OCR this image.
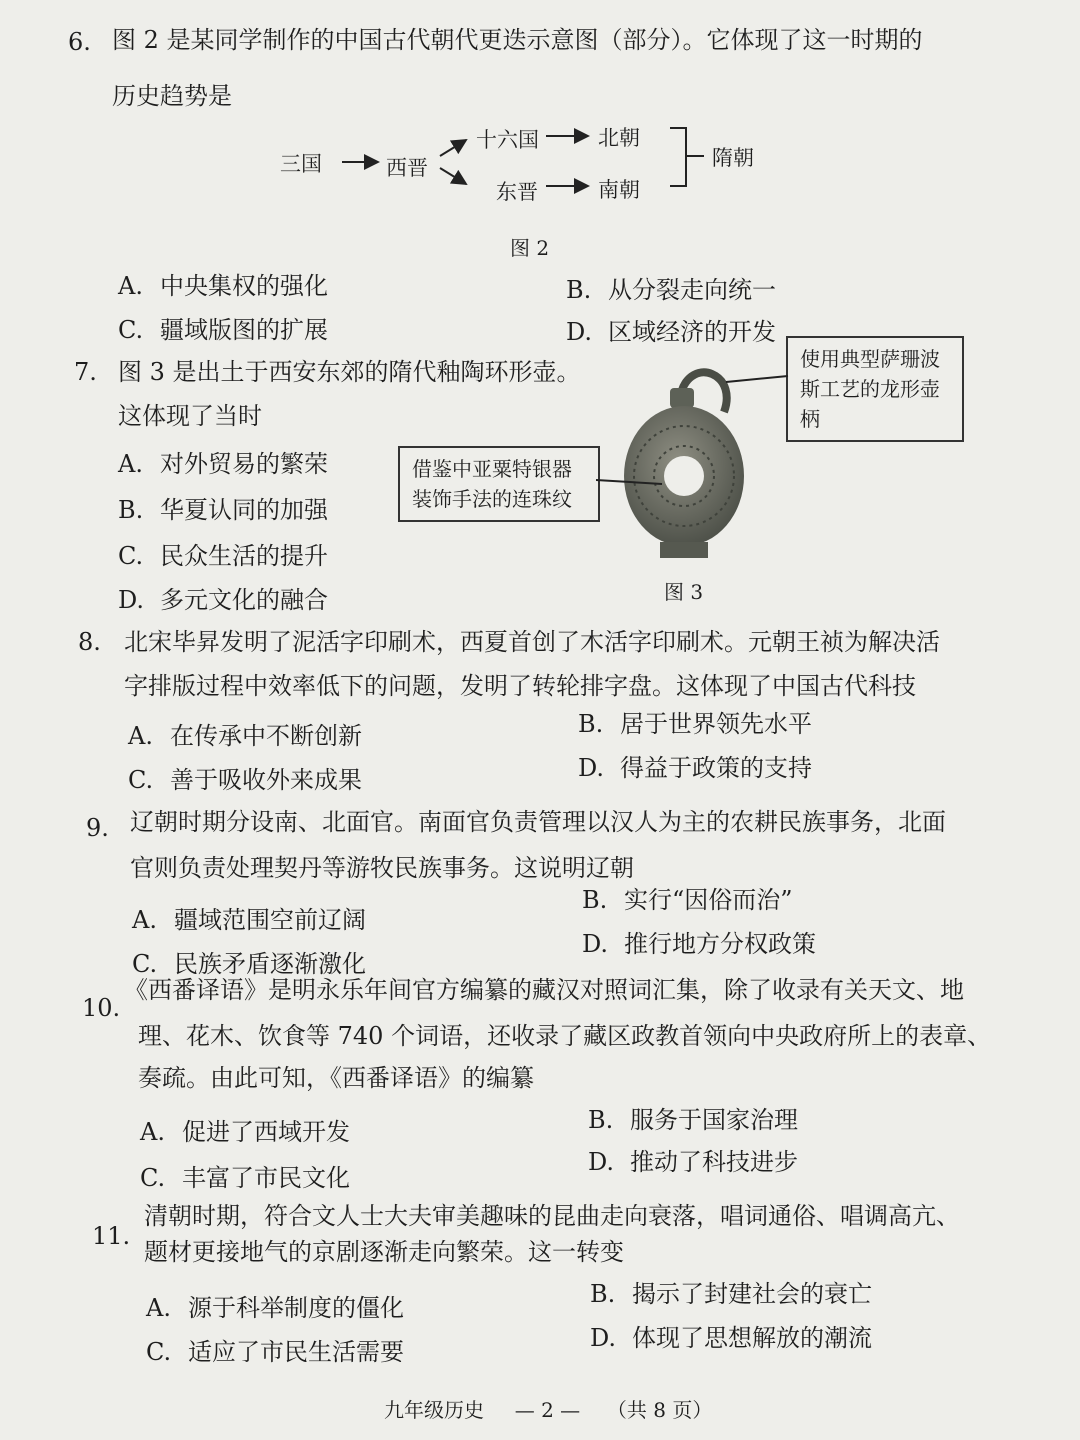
6. 图 2 是某同学制作的中国古代朝代更迭示意图（部分）。它体现了这一时期的
历史趋势是
三国	西晋
十六国
东晋
北朝
南朝
隋朝
图 2
A. 中央集权的强化	B. 从分裂走向统一
C. 疆域版图的扩展	D. 区域经济的开发
7. 图 3 是出土于西安东郊的隋代釉陶环形壶。
这体现了当时
A. 对外贸易的繁荣
B. 华夏认同的加强
C. 民众生活的提升
D. 多元文化的融合
借鉴中亚粟特银器装饰手法的连珠纹
使用典型萨珊波斯工艺的龙形壶柄
图 3
8. 北宋毕昇发明了泥活字印刷术，西夏首创了木活字印刷术。元朝王祯为解决活
字排版过程中效率低下的问题，发明了转轮排字盘。这体现了中国古代科技
A. 在传承中不断创新	B. 居于世界领先水平
C. 善于吸收外来成果	D. 得益于政策的支持
9. 辽朝时期分设南、北面官。南面官负责管理以汉人为主的农耕民族事务，北面
官则负责处理契丹等游牧民族事务。这说明辽朝
A. 疆域范围空前辽阔
B. 实行“因俗而治”
C. 民族矛盾逐渐激化
D. 推行地方分权政策
10.
《西番译语》是明永乐年间官方编纂的藏汉对照词汇集，除了收录有关天文、地
理、花木、饮食等 740 个词语，还收录了藏区政教首领向中央政府所上的表章、
奏疏。由此可知，《西番译语》的编纂
A. 促进了西域开发	B. 服务于国家治理
C. 丰富了市民文化
D. 推动了科技进步
11.
清朝时期，符合文人士大夫审美趣味的昆曲走向衰落，唱词通俗、唱调高亢、
题材更接地气的京剧逐渐走向繁荣。这一转变
A. 源于科举制度的僵化	B. 揭示了封建社会的衰亡
C. 适应了市民生活需要	D. 体现了思想解放的潮流
九年级历史 — 2 — （共 8 页）
